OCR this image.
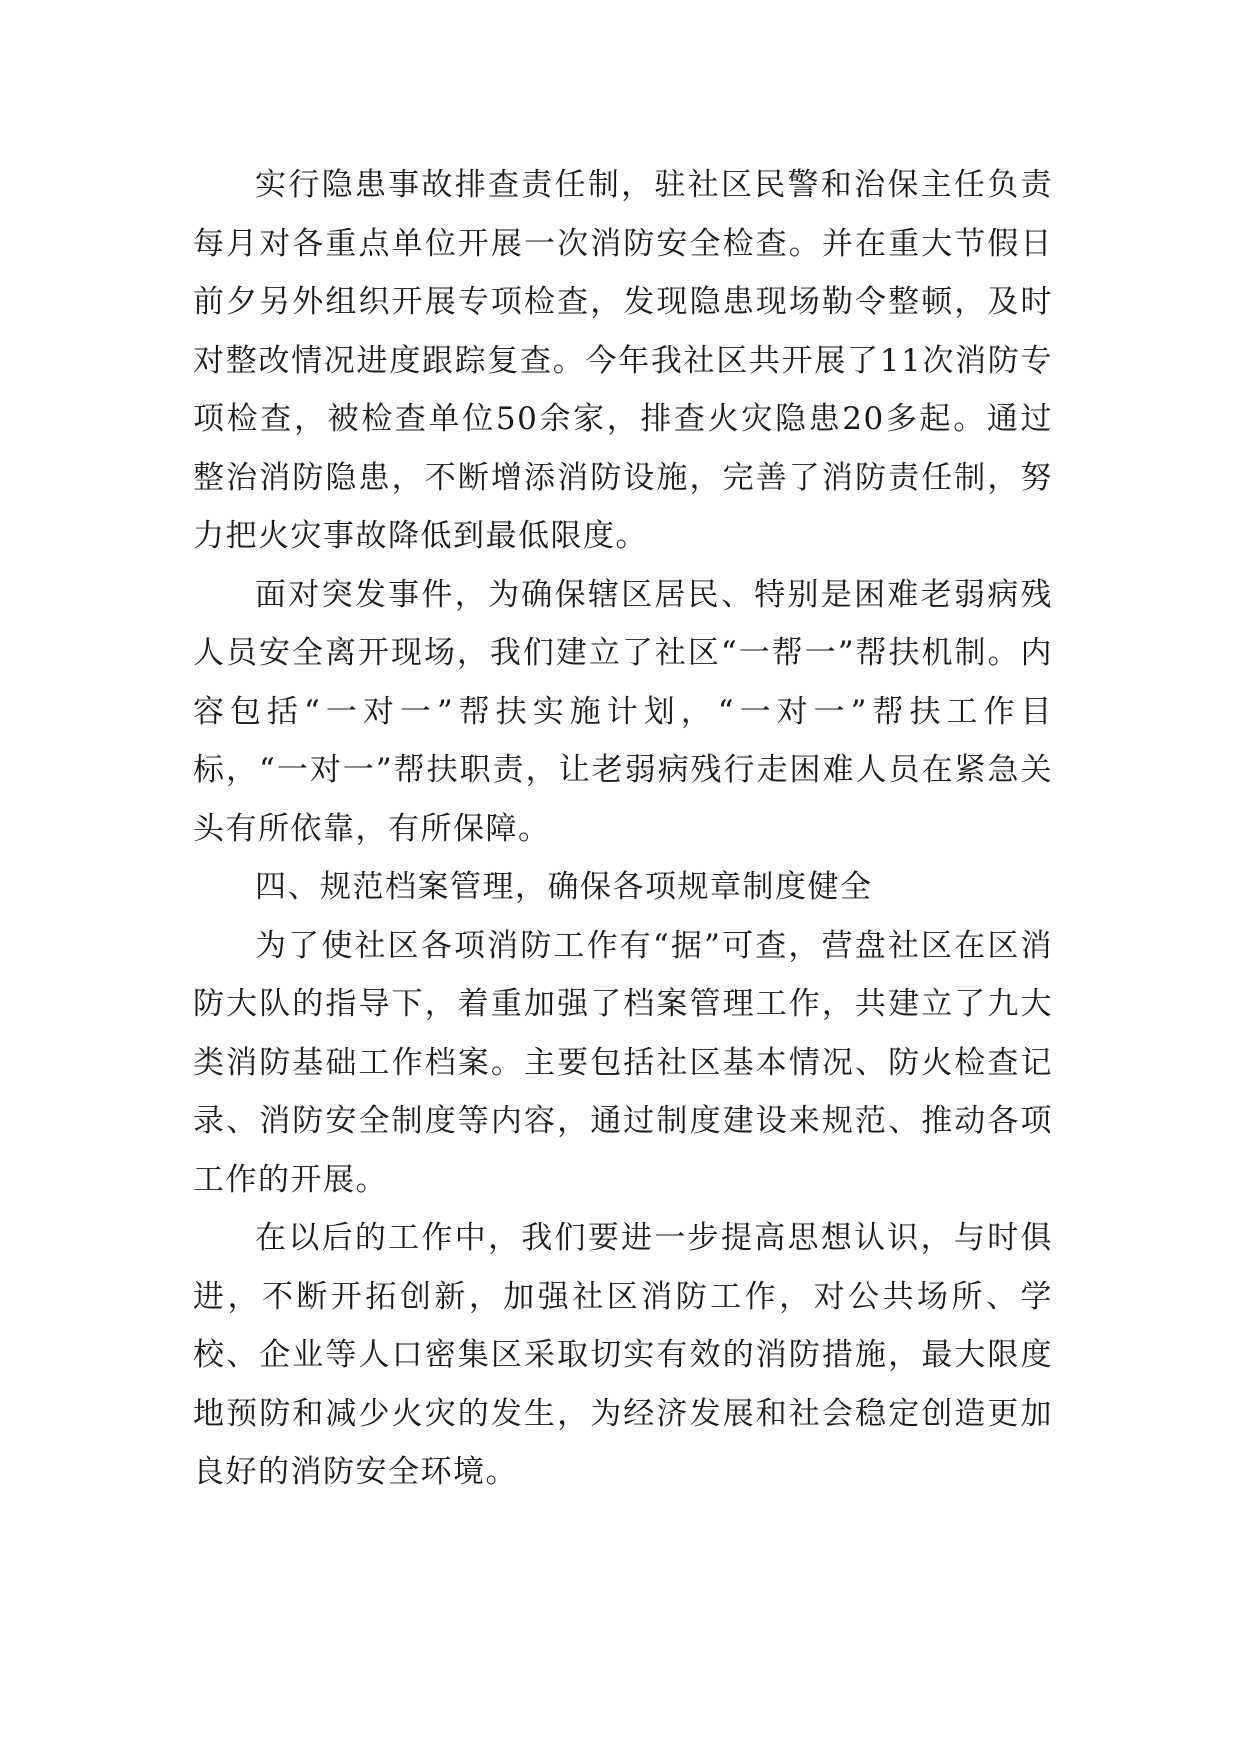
实行隐患事故排查责任制，驻社区民警和治保主任负责每月对各重点单位开展一次消防安全检查。并在重大节假日前夕另外组织开展专项检查，发现隐患现场勒令整顿，及时对整改情况进度跟踪复查。今年我社区共开展了11次消防专项检查，被检查单位50余家，排查火灾隐患20多起。通过整治消防隐患，不断增添消防设施，完善了消防责任制，努力把火灾事故降低到最低限度。

面对突发事件，为确保辖区居民、特别是困难老弱病残人员安全离开现场，我们建立了社区“一帮一”帮扶机制。内容包括“一对一”帮扶实施计划，“一对一”帮扶工作目标，“一对一”帮扶职责，让老弱病残行走困难人员在紧急关头有所依靠，有所保障。

四、规范档案管理，确保各项规章制度健全

为了使社区各项消防工作有“据”可查，营盘社区在区消防大队的指导下，着重加强了档案管理工作，共建立了九大类消防基础工作档案。主要包括社区基本情况、防火检查记录、消防安全制度等内容，通过制度建设来规范、推动各项工作的开展。

在以后的工作中，我们要进一步提高思想认识，与时俱进，不断开拓创新，加强社区消防工作，对公共场所、学校、企业等人口密集区采取切实有效的消防措施，最大限度地预防和减少火灾的发生，为经济发展和社会稳定创造更加良好的消防安全环境。
